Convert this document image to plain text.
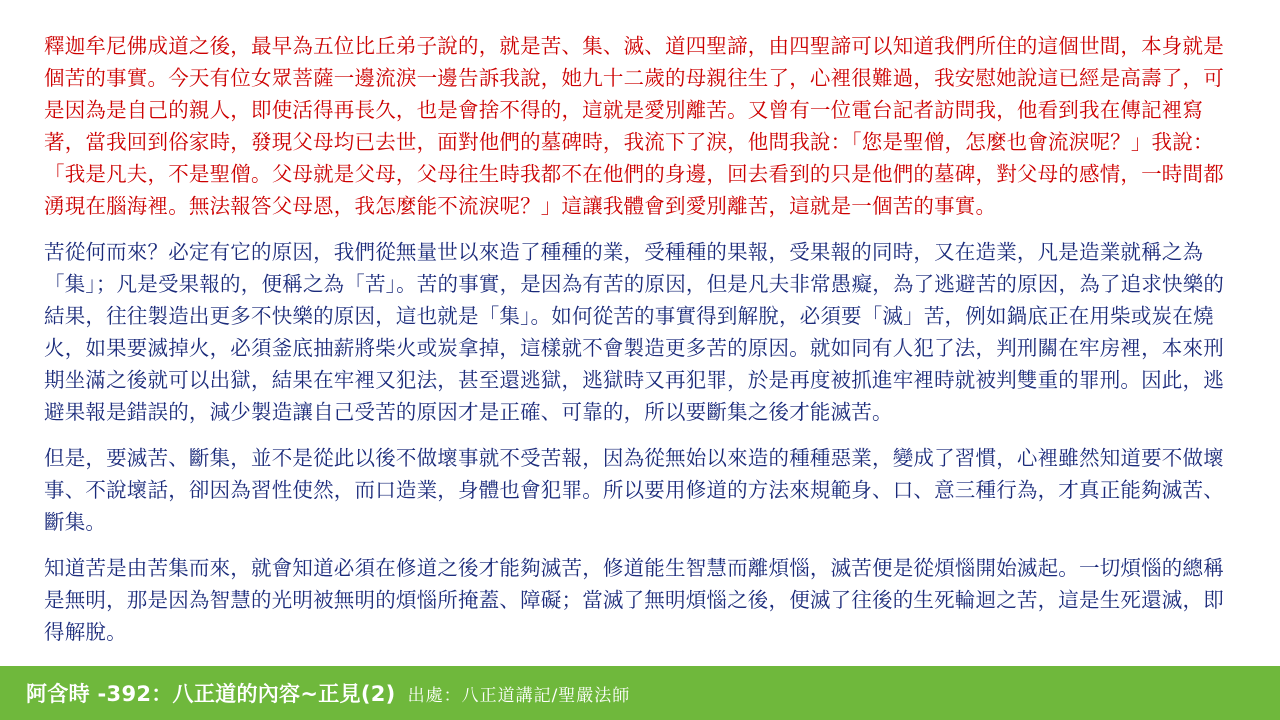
釋迦牟尼佛成道之後，最早為五位比丘弟子說的，就是苦、集、滅、道四聖諦，由四聖諦可以知道我們所住的這個世間，本身就是個苦的事實。今天有位女眾菩薩一邊流淚一邊告訴我說，她九十二歲的母親往生了，心裡很難過，我安慰她說這已經是高壽了，可是因為是自己的親人，即使活得再長久，也是會捨不得的，這就是愛別離苦。又曾有一位電台記者訪問我，他看到我在傳記裡寫著，當我回到俗家時，發現父母均已去世，面對他們的墓碑時，我流下了淚，他問我說：「您是聖僧，怎麼也會流淚呢？」我說：「我是凡夫，不是聖僧。父母就是父母，父母往生時我都不在他們的身邊，回去看到的只是他們的墓碑，對父母的感情，一時間都湧現在腦海裡。無法報答父母恩，我怎麼能不流淚呢？」這讓我體會到愛別離苦，這就是一個苦的事實。

苦從何而來？必定有它的原因，我們從無量世以來造了種種的業，受種種的果報，受果報的同時，又在造業，凡是造業就稱之為「集」；凡是受果報的，便稱之為「苦」。苦的事實，是因為有苦的原因，但是凡夫非常愚癡，為了逃避苦的原因，為了追求快樂的結果，往往製造出更多不快樂的原因，這也就是「集」。如何從苦的事實得到解脫，必須要「滅」苦，例如鍋底正在用柴或炭在燒火，如果要滅掉火，必須釜底抽薪將柴火或炭拿掉，這樣就不會製造更多苦的原因。就如同有人犯了法，判刑關在牢房裡，本來刑期坐滿之後就可以出獄，結果在牢裡又犯法，甚至還逃獄，逃獄時又再犯罪，於是再度被抓進牢裡時就被判雙重的罪刑。因此，逃避果報是錯誤的，減少製造讓自己受苦的原因才是正確、可靠的，所以要斷集之後才能滅苦。

但是，要滅苦、斷集，並不是從此以後不做壞事就不受苦報，因為從無始以來造的種種惡業，變成了習慣，心裡雖然知道要不做壞事、不說壞話，卻因為習性使然，而口造業，身體也會犯罪。所以要用修道的方法來規範身、口、意三種行為，才真正能夠滅苦、斷集。

知道苦是由苦集而來，就會知道必須在修道之後才能夠滅苦，修道能生智慧而離煩惱，滅苦便是從煩惱開始滅起。一切煩惱的總稱是無明，那是因為智慧的光明被無明的煩惱所掩蓋、障礙；當滅了無明煩惱之後，便滅了往後的生死輪迴之苦，這是生死還滅，即得解脫。

阿含時 -392：八正道的內容~正見(2) 出處：八正道講記/聖嚴法師
